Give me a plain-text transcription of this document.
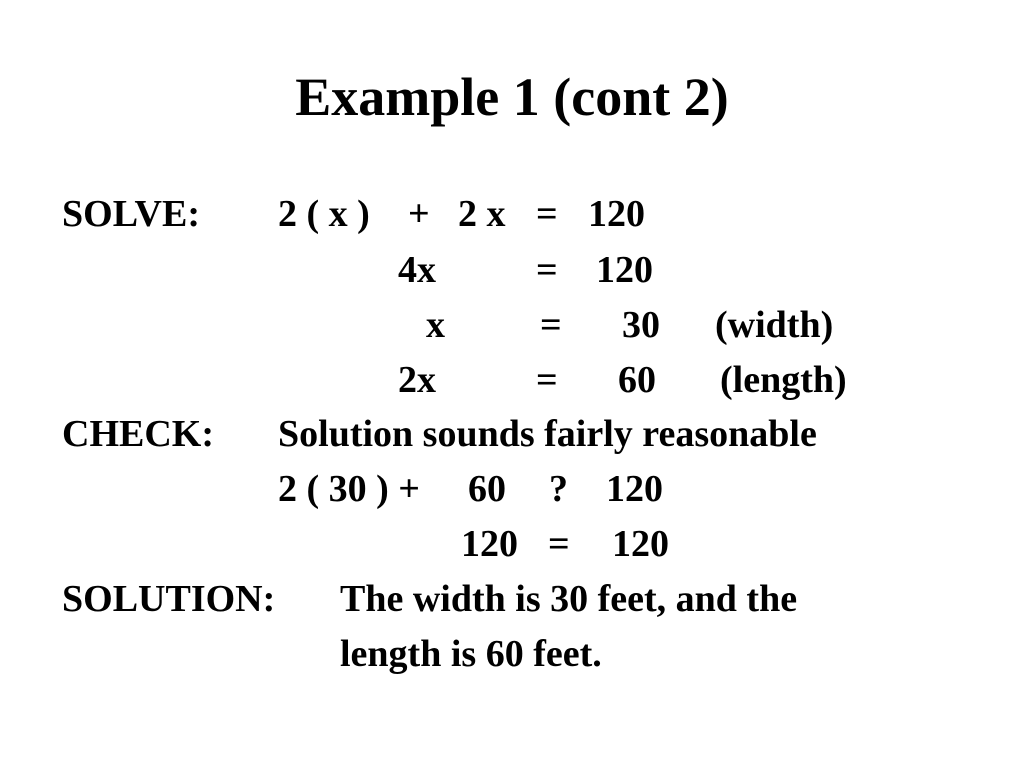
Example 1 (cont 2)
SOLVE: 2 ( x ) + 2 x = 120
4x	= 120
x	= 30 (width)
2x	= 60 (length)
CHECK: Solution sounds fairly reasonable
2 ( 30 ) + 60 ? 120
120 = 120
SOLUTION: The width is 30 feet, and the
length is 60 feet.
